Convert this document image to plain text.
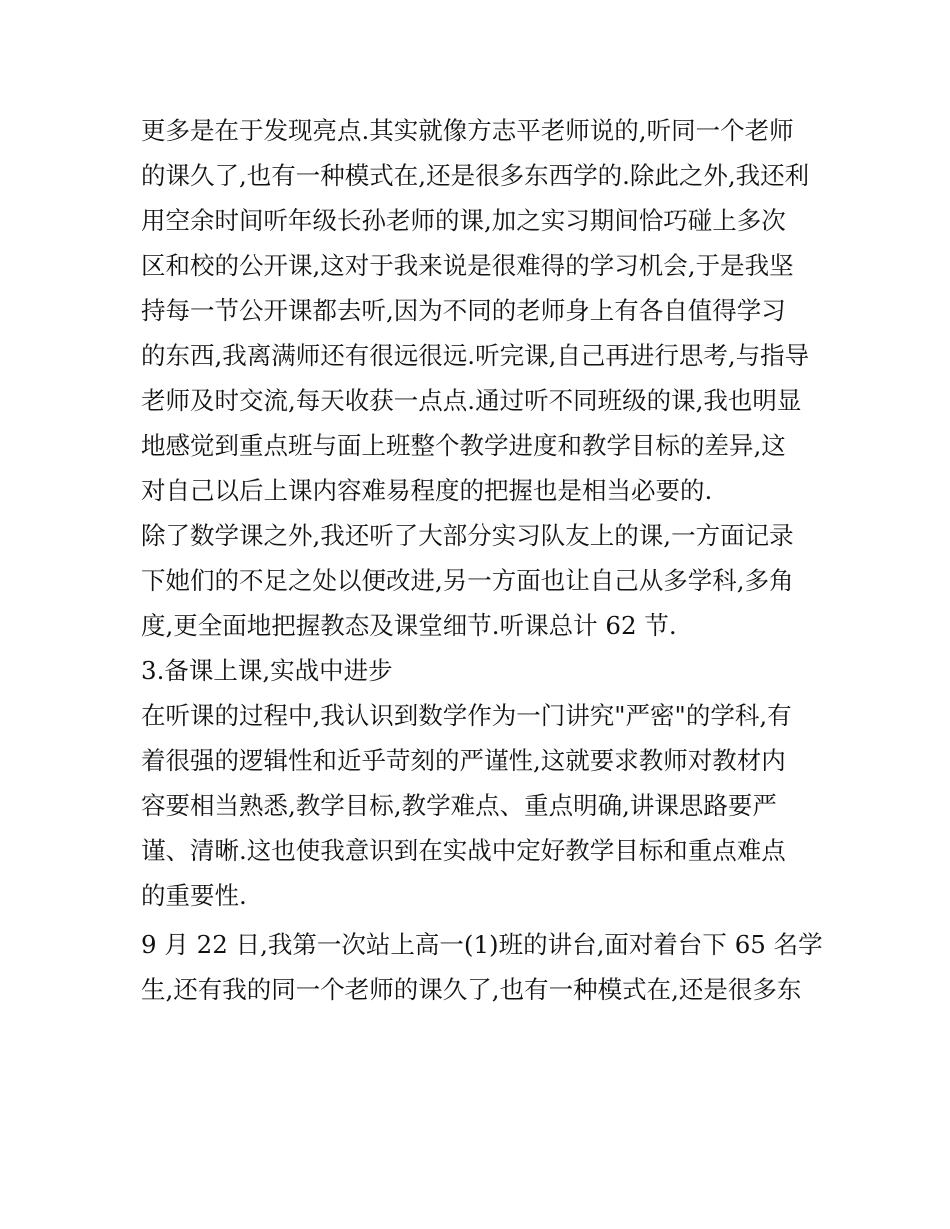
更多是在于发现亮点.其实就像方志平老师说的,听同一个老师
的课久了,也有一种模式在,还是很多东西学的.除此之外,我还利
用空余时间听年级长孙老师的课,加之实习期间恰巧碰上多次
区和校的公开课,这对于我来说是很难得的学习机会,于是我坚
持每一节公开课都去听,因为不同的老师身上有各自值得学习
的东西,我离满师还有很远很远.听完课,自己再进行思考,与指导
老师及时交流,每天收获一点点.通过听不同班级的课,我也明显
地感觉到重点班与面上班整个教学进度和教学目标的差异,这
对自己以后上课内容难易程度的把握也是相当必要的.
除了数学课之外,我还听了大部分实习队友上的课,一方面记录
下她们的不足之处以便改进,另一方面也让自己从多学科,多角
度,更全面地把握教态及课堂细节.听课总计 62 节.
3.备课上课,实战中进步
在听课的过程中,我认识到数学作为一门讲究"严密"的学科,有
着很强的逻辑性和近乎苛刻的严谨性,这就要求教师对教材内
容要相当熟悉,教学目标,教学难点、重点明确,讲课思路要严
谨、清晰.这也使我意识到在实战中定好教学目标和重点难点
的重要性.
9 月 22 日,我第一次站上高一(1)班的讲台,面对着台下 65 名学
生,还有我的同一个老师的课久了,也有一种模式在,还是很多东
